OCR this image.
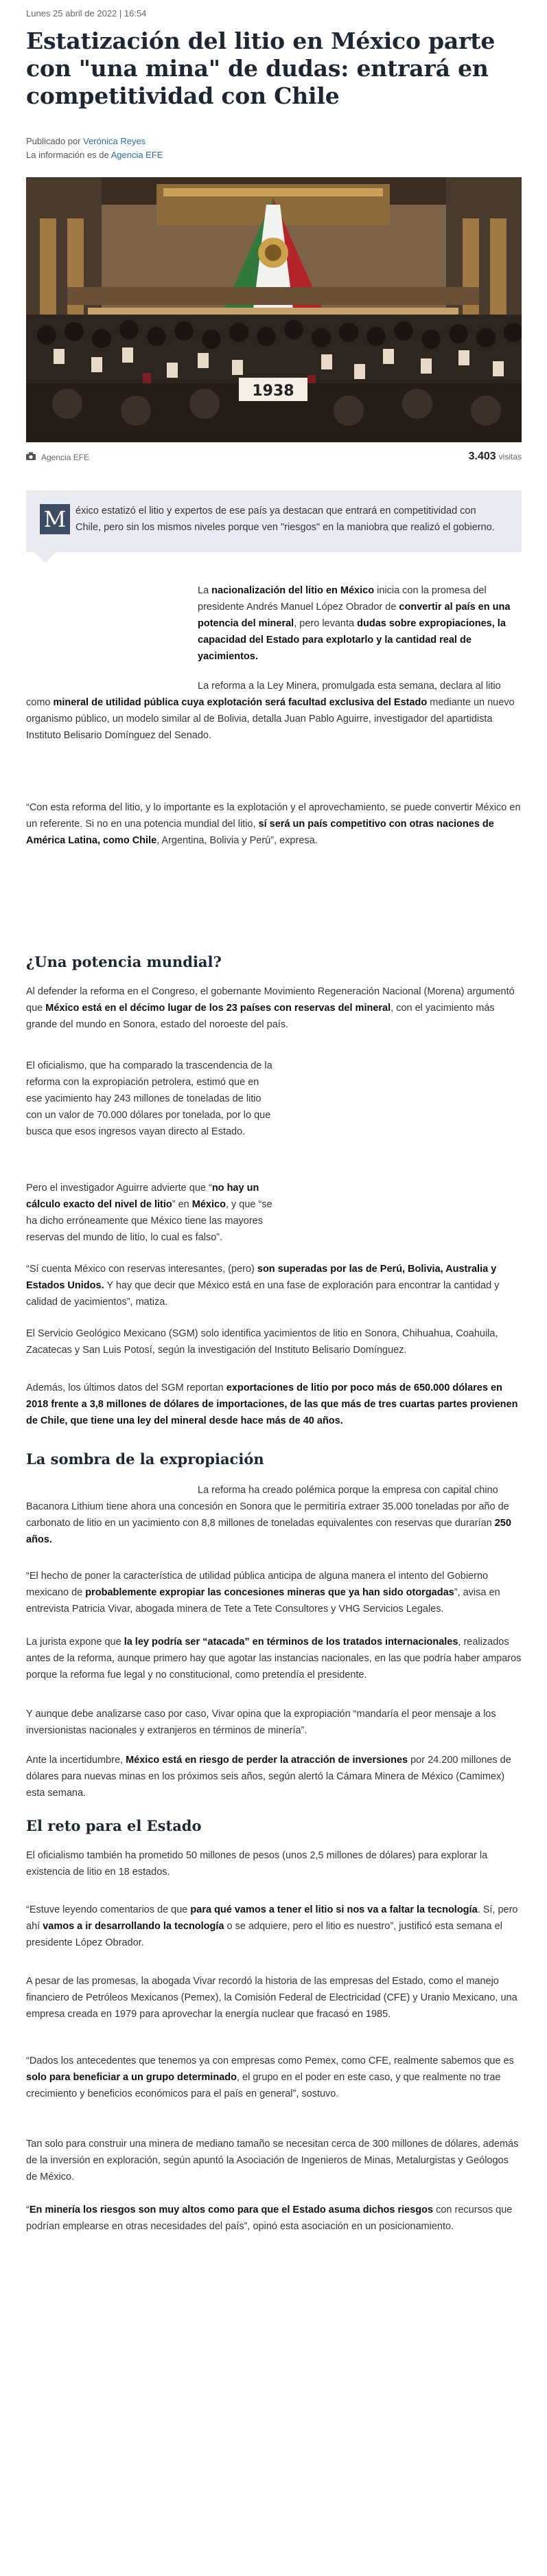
Lunes 25 abril de 2022 | 16:54

Estatización del litio en México parte con "una mina" de dudas: entrará en competitividad con Chile
Publicado por Verónica Reyes
La información es de Agencia EFE
1938
Agencia EFE	3.403 visitas
M éxico estatizó el litio y expertos de ese país ya destacan que entrará en competitividad con Chile, pero sin los mismos niveles porque ven "riesgos" en la maniobra que realizó el gobierno.

La nacionalización del litio en México inicia con la promesa del presidente Andrés Manuel López Obrador de convertir al país en una potencia del mineral, pero levanta dudas sobre expropiaciones, la capacidad del Estado para explotarlo y la cantidad real de yacimientos.

La reforma a la Ley Minera, promulgada esta semana, declara al litio como mineral de utilidad pública cuya explotación será facultad exclusiva del Estado mediante un nuevo organismo público, un modelo similar al de Bolivia, detalla Juan Pablo Aguirre, investigador del apartidista Instituto Belisario Domínguez del Senado.

“Con esta reforma del litio, y lo importante es la explotación y el aprovechamiento, se puede convertir México en un referente. Si no en una potencia mundial del litio, sí será un país competitivo con otras naciones de América Latina, como Chile, Argentina, Bolivia y Perú”, expresa.

¿Una potencia mundial?

Al defender la reforma en el Congreso, el gobernante Movimiento Regeneración Nacional (Morena) argumentó que México está en el décimo lugar de los 23 países con reservas del mineral, con el yacimiento más grande del mundo en Sonora, estado del noroeste del país.

El oficialismo, que ha comparado la trascendencia de la reforma con la expropiación petrolera, estimó que en ese yacimiento hay 243 millones de toneladas de litio con un valor de 70.000 dólares por tonelada, por lo que busca que esos ingresos vayan directo al Estado.

Pero el investigador Aguirre advierte que “no hay un cálculo exacto del nivel de litio” en México, y que “se ha dicho erróneamente que México tiene las mayores reservas del mundo de litio, lo cual es falso”.

“Sí cuenta México con reservas interesantes, (pero) son superadas por las de Perú, Bolivia, Australia y Estados Unidos. Y hay que decir que México está en una fase de exploración para encontrar la cantidad y calidad de yacimientos”, matiza.

El Servicio Geológico Mexicano (SGM) solo identifica yacimientos de litio en Sonora, Chihuahua, Coahuila, Zacatecas y San Luis Potosí, según la investigación del Instituto Belisario Domínguez.

Además, los últimos datos del SGM reportan exportaciones de litio por poco más de 650.000 dólares en 2018 frente a 3,8 millones de dólares de importaciones, de las que más de tres cuartas partes provienen de Chile, que tiene una ley del mineral desde hace más de 40 años.

La sombra de la expropiación

La reforma ha creado polémica porque la empresa con capital chino Bacanora Lithium tiene ahora una concesión en Sonora que le permitiría extraer 35.000 toneladas por año de carbonato de litio en un yacimiento con 8,8 millones de toneladas equivalentes con reservas que durarían 250 años.

“El hecho de poner la característica de utilidad pública anticipa de alguna manera el intento del Gobierno mexicano de probablemente expropiar las concesiones mineras que ya han sido otorgadas”, avisa en entrevista Patricia Vivar, abogada minera de Tete a Tete Consultores y VHG Servicios Legales.

La jurista expone que la ley podría ser “atacada” en términos de los tratados internacionales, realizados antes de la reforma, aunque primero hay que agotar las instancias nacionales, en las que podría haber amparos porque la reforma fue legal y no constitucional, como pretendía el presidente.

Y aunque debe analizarse caso por caso, Vivar opina que la expropiación “mandaría el peor mensaje a los inversionistas nacionales y extranjeros en términos de minería”.

Ante la incertidumbre, México está en riesgo de perder la atracción de inversiones por 24.200 millones de dólares para nuevas minas en los próximos seis años, según alertó la Cámara Minera de México (Camimex) esta semana.

El reto para el Estado

El oficialismo también ha prometido 50 millones de pesos (unos 2,5 millones de dólares) para explorar la existencia de litio en 18 estados.

“Estuve leyendo comentarios de que para qué vamos a tener el litio si nos va a faltar la tecnología. Sí, pero ahí vamos a ir desarrollando la tecnología o se adquiere, pero el litio es nuestro”, justificó esta semana el presidente López Obrador.

A pesar de las promesas, la abogada Vivar recordó la historia de las empresas del Estado, como el manejo financiero de Petróleos Mexicanos (Pemex), la Comisión Federal de Electricidad (CFE) y Uranio Mexicano, una empresa creada en 1979 para aprovechar la energía nuclear que fracasó en 1985.

“Dados los antecedentes que tenemos ya con empresas como Pemex, como CFE, realmente sabemos que es solo para beneficiar a un grupo determinado, el grupo en el poder en este caso, y que realmente no trae crecimiento y beneficios económicos para el país en general”, sostuvo.

Tan solo para construir una minera de mediano tamaño se necesitan cerca de 300 millones de dólares, además de la inversión en exploración, según apuntó la Asociación de Ingenieros de Minas, Metalurgistas y Geólogos de México.

“En minería los riesgos son muy altos como para que el Estado asuma dichos riesgos con recursos que podrían emplearse en otras necesidades del país”, opinó esta asociación en un posicionamiento.
